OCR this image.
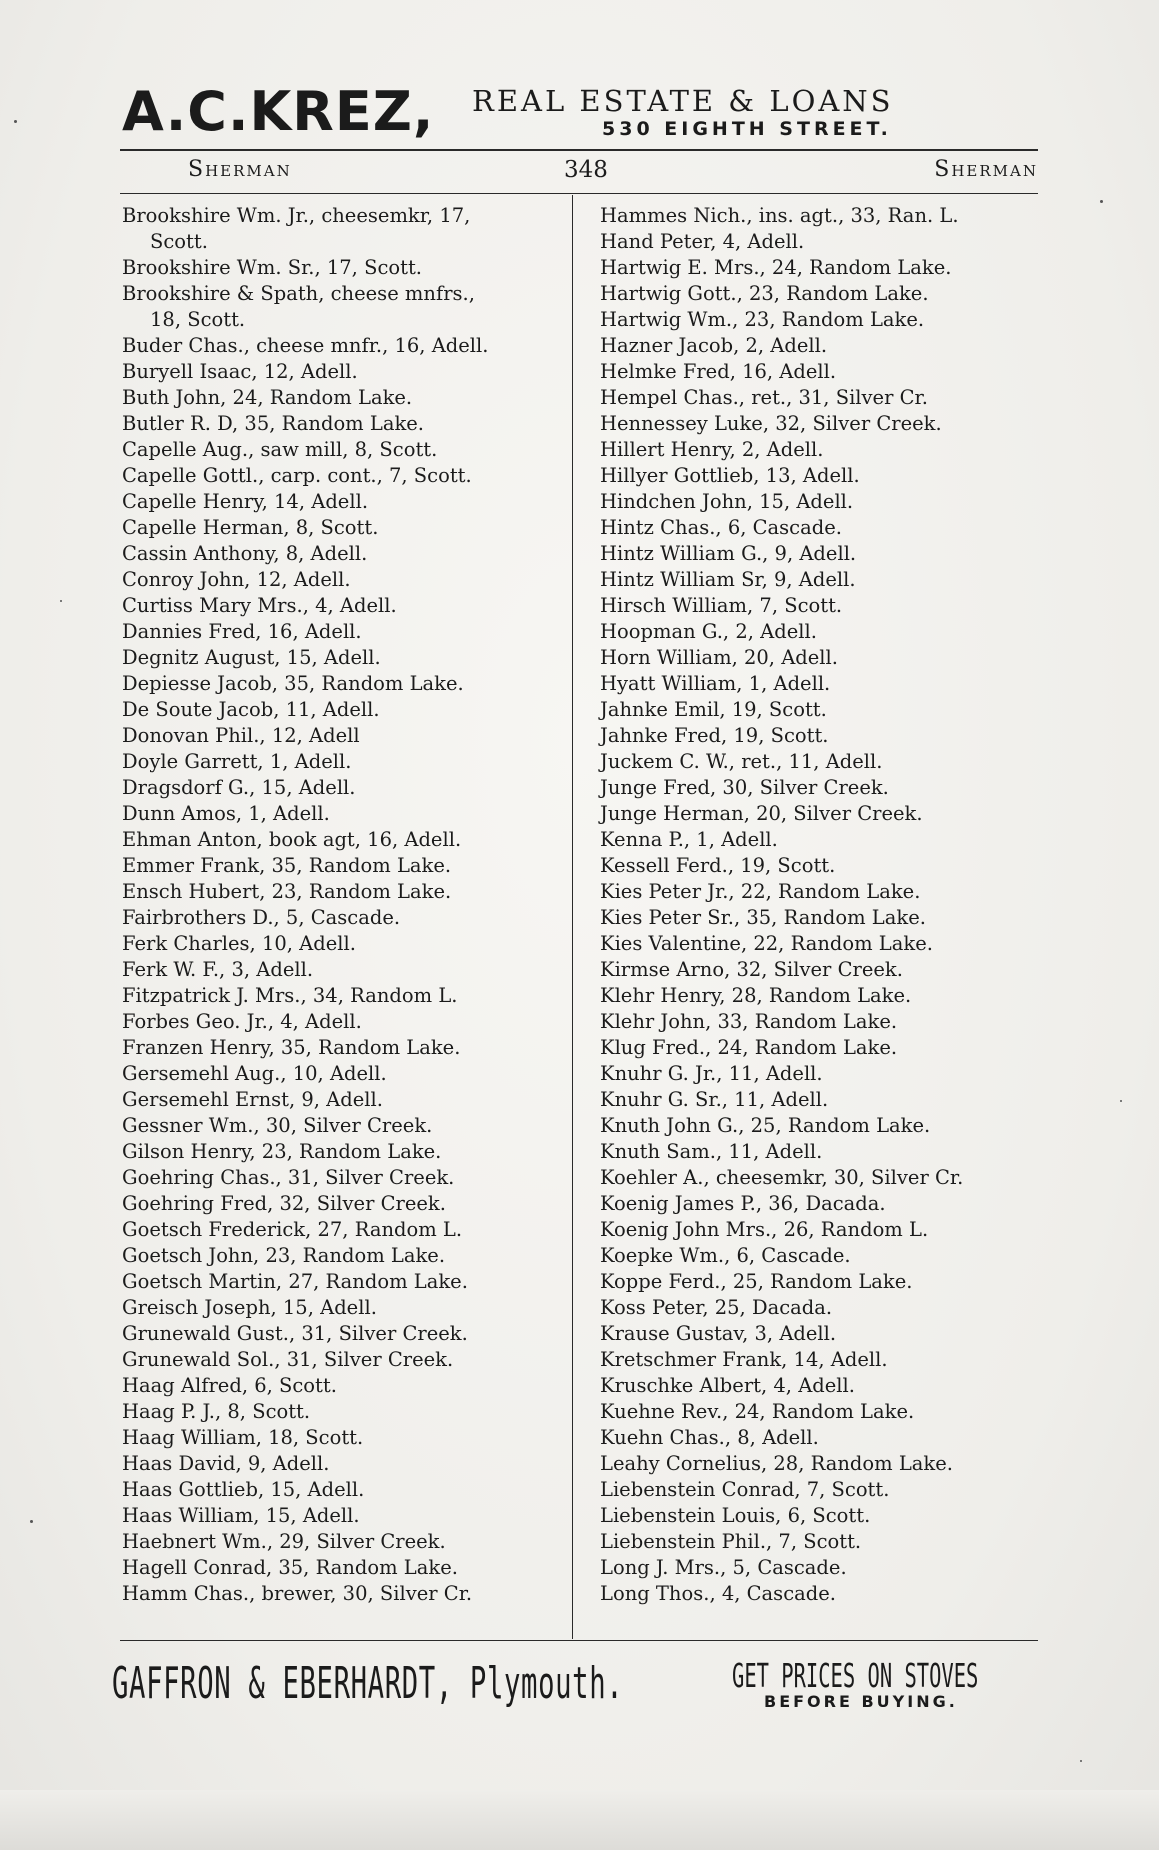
A.C.KREZ, REAL ESTATE & LOANS
530 EIGHTH STREET.
Sherman	348	Sherman
Brookshire Wm. Jr., cheesemkr, 17,
Scott.
Brookshire Wm. Sr., 17, Scott.
Brookshire & Spath, cheese mnfrs.,
18, Scott.
Buder Chas., cheese mnfr., 16, Adell.
Buryell Isaac, 12, Adell.
Buth John, 24, Random Lake.
Butler R. D, 35, Random Lake.
Capelle Aug., saw mill, 8, Scott.
Capelle Gottl., carp. cont., 7, Scott.
Capelle Henry, 14, Adell.
Capelle Herman, 8, Scott.
Cassin Anthony, 8, Adell.
Conroy John, 12, Adell.
Curtiss Mary Mrs., 4, Adell.
Dannies Fred, 16, Adell.
Degnitz August, 15, Adell.
Depiesse Jacob, 35, Random Lake.
De Soute Jacob, 11, Adell.
Donovan Phil., 12, Adell
Doyle Garrett, 1, Adell.
Dragsdorf G., 15, Adell.
Dunn Amos, 1, Adell.
Ehman Anton, book agt, 16, Adell.
Emmer Frank, 35, Random Lake.
Ensch Hubert, 23, Random Lake.
Fairbrothers D., 5, Cascade.
Ferk Charles, 10, Adell.
Ferk W. F., 3, Adell.
Fitzpatrick J. Mrs., 34, Random L.
Forbes Geo. Jr., 4, Adell.
Franzen Henry, 35, Random Lake.
Gersemehl Aug., 10, Adell.
Gersemehl Ernst, 9, Adell.
Gessner Wm., 30, Silver Creek.
Gilson Henry, 23, Random Lake.
Goehring Chas., 31, Silver Creek.
Goehring Fred, 32, Silver Creek.
Goetsch Frederick, 27, Random L.
Goetsch John, 23, Random Lake.
Goetsch Martin, 27, Random Lake.
Greisch Joseph, 15, Adell.
Grunewald Gust., 31, Silver Creek.
Grunewald Sol., 31, Silver Creek.
Haag Alfred, 6, Scott.
Haag P. J., 8, Scott.
Haag William, 18, Scott.
Haas David, 9, Adell.
Haas Gottlieb, 15, Adell.
Haas William, 15, Adell.
Haebnert Wm., 29, Silver Creek.
Hagell Conrad, 35, Random Lake.
Hamm Chas., brewer, 30, Silver Cr.
Hammes Nich., ins. agt., 33, Ran. L.
Hand Peter, 4, Adell.
Hartwig E. Mrs., 24, Random Lake.
Hartwig Gott., 23, Random Lake.
Hartwig Wm., 23, Random Lake.
Hazner Jacob, 2, Adell.
Helmke Fred, 16, Adell.
Hempel Chas., ret., 31, Silver Cr.
Hennessey Luke, 32, Silver Creek.
Hillert Henry, 2, Adell.
Hillyer Gottlieb, 13, Adell.
Hindchen John, 15, Adell.
Hintz Chas., 6, Cascade.
Hintz William G., 9, Adell.
Hintz William Sr, 9, Adell.
Hirsch William, 7, Scott.
Hoopman G., 2, Adell.
Horn William, 20, Adell.
Hyatt William, 1, Adell.
Jahnke Emil, 19, Scott.
Jahnke Fred, 19, Scott.
Juckem C. W., ret., 11, Adell.
Junge Fred, 30, Silver Creek.
Junge Herman, 20, Silver Creek.
Kenna P., 1, Adell.
Kessell Ferd., 19, Scott.
Kies Peter Jr., 22, Random Lake.
Kies Peter Sr., 35, Random Lake.
Kies Valentine, 22, Random Lake.
Kirmse Arno, 32, Silver Creek.
Klehr Henry, 28, Random Lake.
Klehr John, 33, Random Lake.
Klug Fred., 24, Random Lake.
Knuhr G. Jr., 11, Adell.
Knuhr G. Sr., 11, Adell.
Knuth John G., 25, Random Lake.
Knuth Sam., 11, Adell.
Koehler A., cheesemkr, 30, Silver Cr.
Koenig James P., 36, Dacada.
Koenig John Mrs., 26, Random L.
Koepke Wm., 6, Cascade.
Koppe Ferd., 25, Random Lake.
Koss Peter, 25, Dacada.
Krause Gustav, 3, Adell.
Kretschmer Frank, 14, Adell.
Kruschke Albert, 4, Adell.
Kuehne Rev., 24, Random Lake.
Kuehn Chas., 8, Adell.
Leahy Cornelius, 28, Random Lake.
Liebenstein Conrad, 7, Scott.
Liebenstein Louis, 6, Scott.
Liebenstein Phil., 7, Scott.
Long J. Mrs., 5, Cascade.
Long Thos., 4, Cascade.
GAFFRON & EBERHARDT, Plymouth.	GET PRICES ON STOVES
BEFORE BUYING.
